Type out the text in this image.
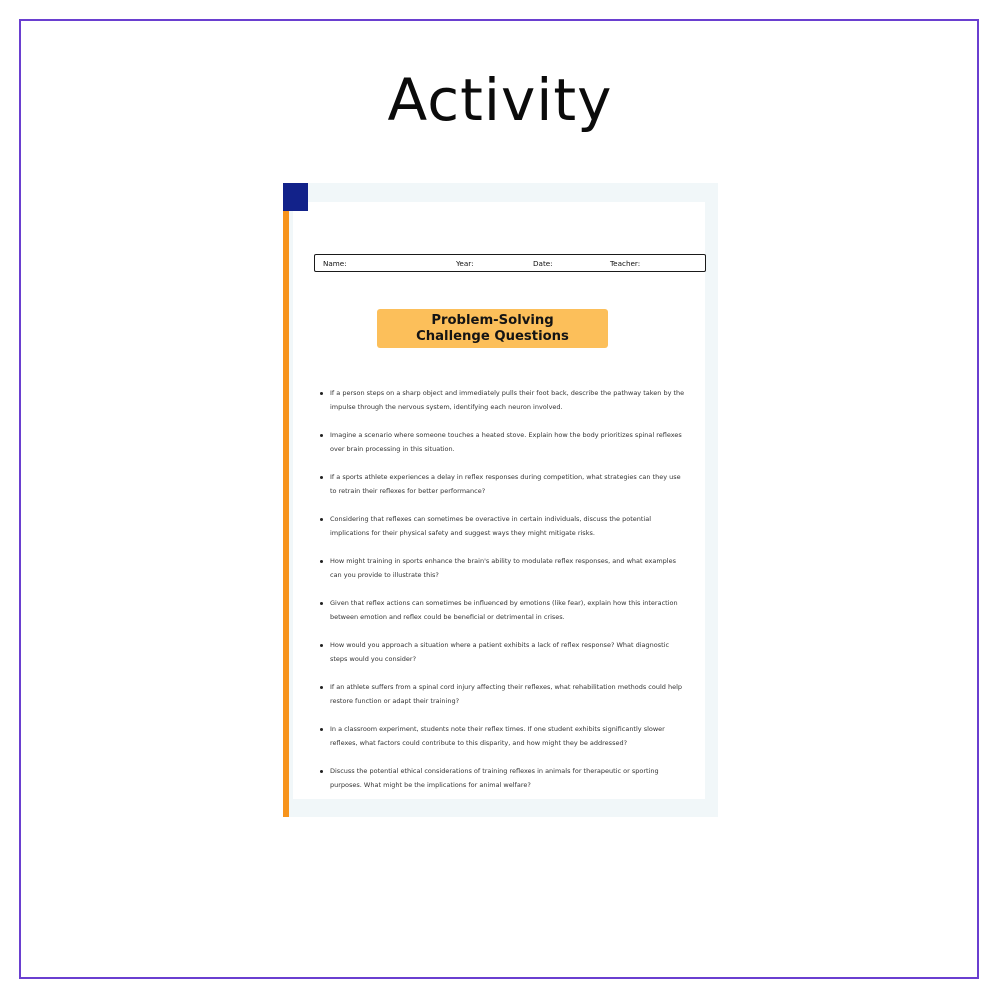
Activity
Name:	Year:	Date:	Teacher:
Problem-Solving
Challenge Questions
If a person steps on a sharp object and immediately pulls their foot back, describe the pathway taken by the impulse through the nervous system, identifying each neuron involved.
Imagine a scenario where someone touches a heated stove. Explain how the body prioritizes spinal reflexes over brain processing in this situation.
If a sports athlete experiences a delay in reflex responses during competition, what strategies can they use to retrain their reflexes for better performance?
Considering that reflexes can sometimes be overactive in certain individuals, discuss the potential implications for their physical safety and suggest ways they might mitigate risks.
How might training in sports enhance the brain's ability to modulate reflex responses, and what examples can you provide to illustrate this?
Given that reflex actions can sometimes be influenced by emotions (like fear), explain how this interaction between emotion and reflex could be beneficial or detrimental in crises.
How would you approach a situation where a patient exhibits a lack of reflex response? What diagnostic steps would you consider?
If an athlete suffers from a spinal cord injury affecting their reflexes, what rehabilitation methods could help restore function or adapt their training?
In a classroom experiment, students note their reflex times. If one student exhibits significantly slower reflexes, what factors could contribute to this disparity, and how might they be addressed?
Discuss the potential ethical considerations of training reflexes in animals for therapeutic or sporting purposes. What might be the implications for animal welfare?
